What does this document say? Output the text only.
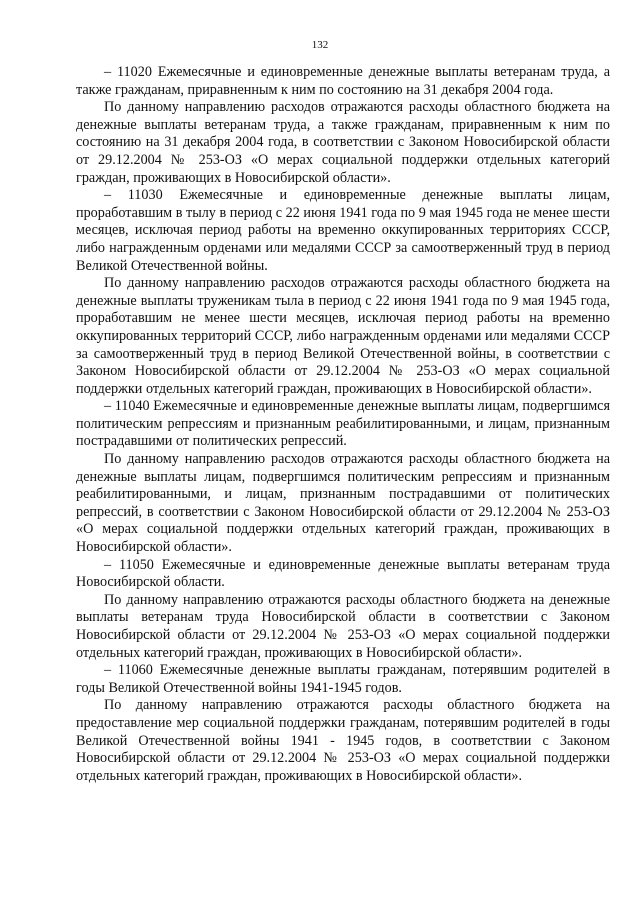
132

– 11020 Ежемесячные и единовременные денежные выплаты ветеранам труда, а также гражданам, приравненным к ним по состоянию на 31 декабря 2004 года.

По данному направлению расходов отражаются расходы областного бюджета на денежные выплаты ветеранам труда, а также гражданам, приравненным к ним по состоянию на 31 декабря 2004 года, в соответствии с Законом Новосибирской области от 29.12.2004 № 253-ОЗ «О мерах социальной поддержки отдельных категорий граждан, проживающих в Новосибирской области».

– 11030 Ежемесячные и единовременные денежные выплаты лицам, проработавшим в тылу в период с 22 июня 1941 года по 9 мая 1945 года не менее шести месяцев, исключая период работы на временно оккупированных территориях СССР, либо награжденным орденами или медалями СССР за самоотверженный труд в период Великой Отечественной войны.

По данному направлению расходов отражаются расходы областного бюджета на денежные выплаты труженикам тыла в период с 22 июня 1941 года по 9 мая 1945 года, проработавшим не менее шести месяцев, исключая период работы на временно оккупированных территорий СССР, либо награжденным орденами или медалями СССР за самоотверженный труд в период Великой Отечественной войны, в соответствии с Законом Новосибирской области от 29.12.2004 № 253-ОЗ «О мерах социальной поддержки отдельных категорий граждан, проживающих в Новосибирской области».

– 11040 Ежемесячные и единовременные денежные выплаты лицам, подвергшимся политическим репрессиям и признанным реабилитированными, и лицам, признанным пострадавшими от политических репрессий.

По данному направлению расходов отражаются расходы областного бюджета на денежные выплаты лицам, подвергшимся политическим репрессиям и признанным реабилитированными, и лицам, признанным пострадавшими от политических репрессий, в соответствии с Законом Новосибирской области от 29.12.2004 № 253-ОЗ «О мерах социальной поддержки отдельных категорий граждан, проживающих в Новосибирской области».

– 11050 Ежемесячные и единовременные денежные выплаты ветеранам труда Новосибирской области.

По данному направлению отражаются расходы областного бюджета на денежные выплаты ветеранам труда Новосибирской области в соответствии с Законом Новосибирской области от 29.12.2004 № 253-ОЗ «О мерах социальной поддержки отдельных категорий граждан, проживающих в Новосибирской области».

– 11060 Ежемесячные денежные выплаты гражданам, потерявшим родителей в годы Великой Отечественной войны 1941-1945 годов.

По данному направлению отражаются расходы областного бюджета на предоставление мер социальной поддержки гражданам, потерявшим родителей в годы Великой Отечественной войны 1941 - 1945 годов, в соответствии с Законом Новосибирской области от 29.12.2004 № 253-ОЗ «О мерах социальной поддержки отдельных категорий граждан, проживающих в Новосибирской области».
